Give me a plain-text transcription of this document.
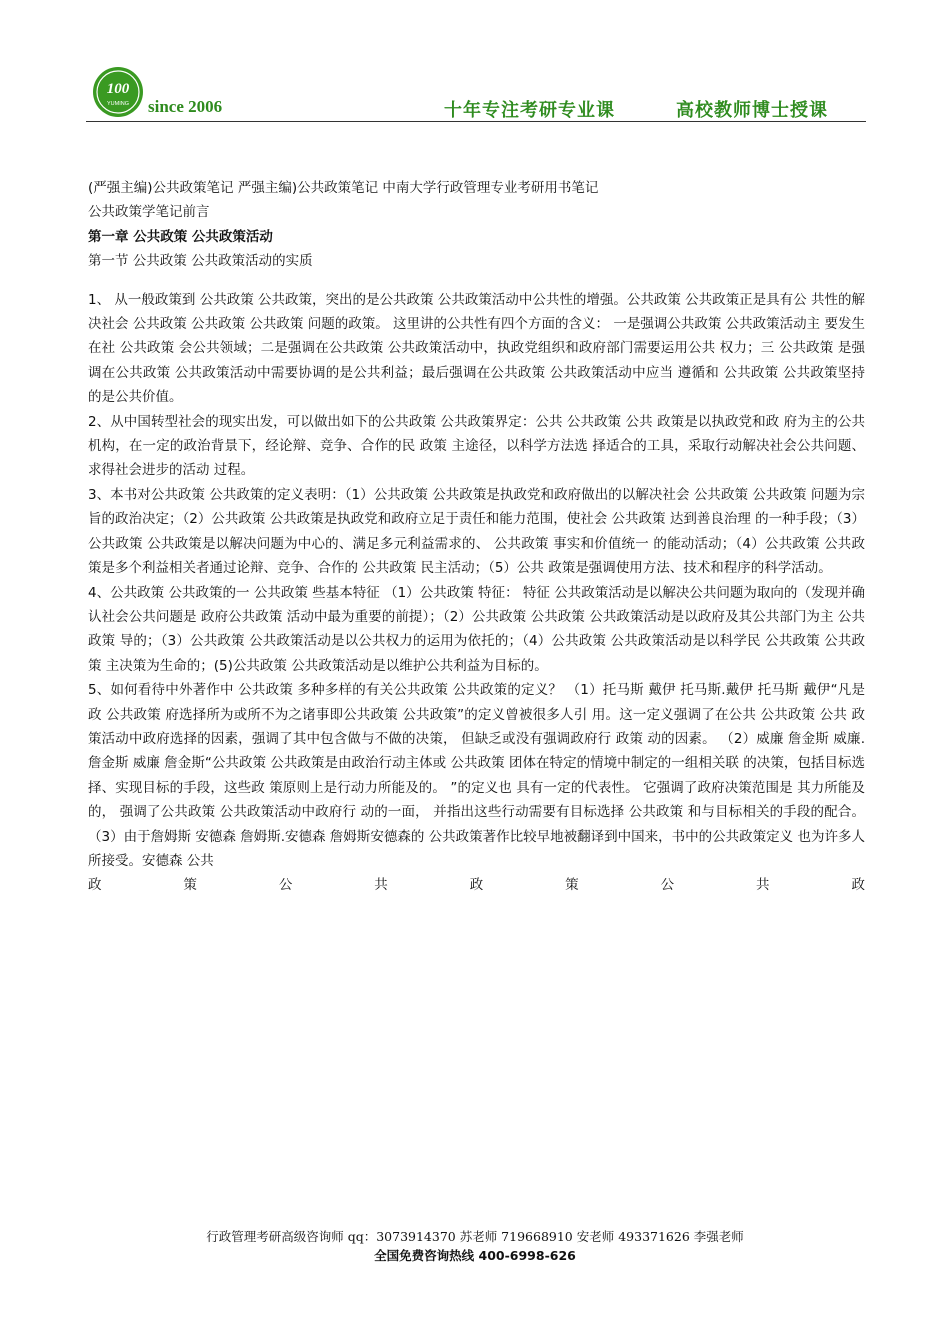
100
YUMING since 2006	十年专注考研专业课	高校教师博士授课

(严强主编)公共政策笔记 严强主编)公共政策笔记 中南大学行政管理专业考研用书笔记

公共政策学笔记前言

第一章 公共政策 公共政策活动

第一节 公共政策 公共政策活动的实质

1、 从一般政策到 公共政策 公共政策，突出的是公共政策 公共政策活动中公共性的增强。公共政策 公共政策正是具有公 共性的解决社会 公共政策 公共政策 公共政策 问题的政策。 这里讲的公共性有四个方面的含义： 一是强调公共政策 公共政策活动主 要发生在社 公共政策 会公共领域；二是强调在公共政策 公共政策活动中，执政党组织和政府部门需要运用公共 权力；三 公共政策 是强调在公共政策 公共政策活动中需要协调的是公共利益；最后强调在公共政策 公共政策活动中应当 遵循和 公共政策 公共政策坚持的是公共价值。

2、从中国转型社会的现实出发，可以做出如下的公共政策 公共政策界定：公共 公共政策 公共 政策是以执政党和政 府为主的公共机构，在一定的政治背景下，经论辩、竞争、合作的民 政策 主途径，以科学方法选 择适合的工具，采取行动解决社会公共问题、求得社会进步的活动 过程。

3、本书对公共政策 公共政策的定义表明：（1）公共政策 公共政策是执政党和政府做出的以解决社会 公共政策 公共政策 问题为宗 旨的政治决定；（2）公共政策 公共政策是执政党和政府立足于责任和能力范围，使社会 公共政策 达到善良治理 的一种手段；（3）公共政策 公共政策是以解决问题为中心的、满足多元利益需求的、 公共政策 事实和价值统一 的能动活动；（4）公共政策 公共政策是多个利益相关者通过论辩、竞争、合作的 公共政策 民主活动；（5）公共 政策是强调使用方法、技术和程序的科学活动。

4、公共政策 公共政策的一 公共政策 些基本特征 （1）公共政策 特征： 特征 公共政策活动是以解决公共问题为取向的（发现并确认社会公共问题是 政府公共政策 活动中最为重要的前提）；（2）公共政策 公共政策 公共政策活动是以政府及其公共部门为主 公共政策 导的；（3）公共政策 公共政策活动是以公共权力的运用为依托的；（4）公共政策 公共政策活动是以科学民 公共政策 公共政策 主决策为生命的；(5)公共政策 公共政策活动是以维护公共利益为目标的。

5、如何看待中外著作中 公共政策 多种多样的有关公共政策 公共政策的定义？ （1）托马斯 戴伊 托马斯.戴伊 托马斯 戴伊“凡是政 公共政策 府选择所为或所不为之诸事即公共政策 公共政策”的定义曾被很多人引 用。这一定义强调了在公共 公共政策 公共 政策活动中政府选择的因素，强调了其中包含做与不做的决策， 但缺乏或没有强调政府行 政策 动的因素。 （2）威廉 詹金斯 威廉.詹金斯 威廉 詹金斯“公共政策 公共政策是由政治行动主体或 公共政策 团体在特定的情境中制定的一组相关联 的决策，包括目标选择、实现目标的手段，这些政 策原则上是行动力所能及的。 ”的定义也 具有一定的代表性。 它强调了政府决策范围是 其力所能及的， 强调了公共政策 公共政策活动中政府行 动的一面， 并指出这些行动需要有目标选择 公共政策 和与目标相关的手段的配合。（3）由于詹姆斯 安德森 詹姆斯.安德森 詹姆斯安德森的 公共政策著作比较早地被翻译到中国来，书中的公共政策定义 也为许多人所接受。安德森 公共

政 策 公 共 政 策 公 共 政

行政管理考研高级咨询师 qq：3073914370 苏老师 719668910 安老师 493371626 李强老师
全国免费咨询热线 400-6998-626
